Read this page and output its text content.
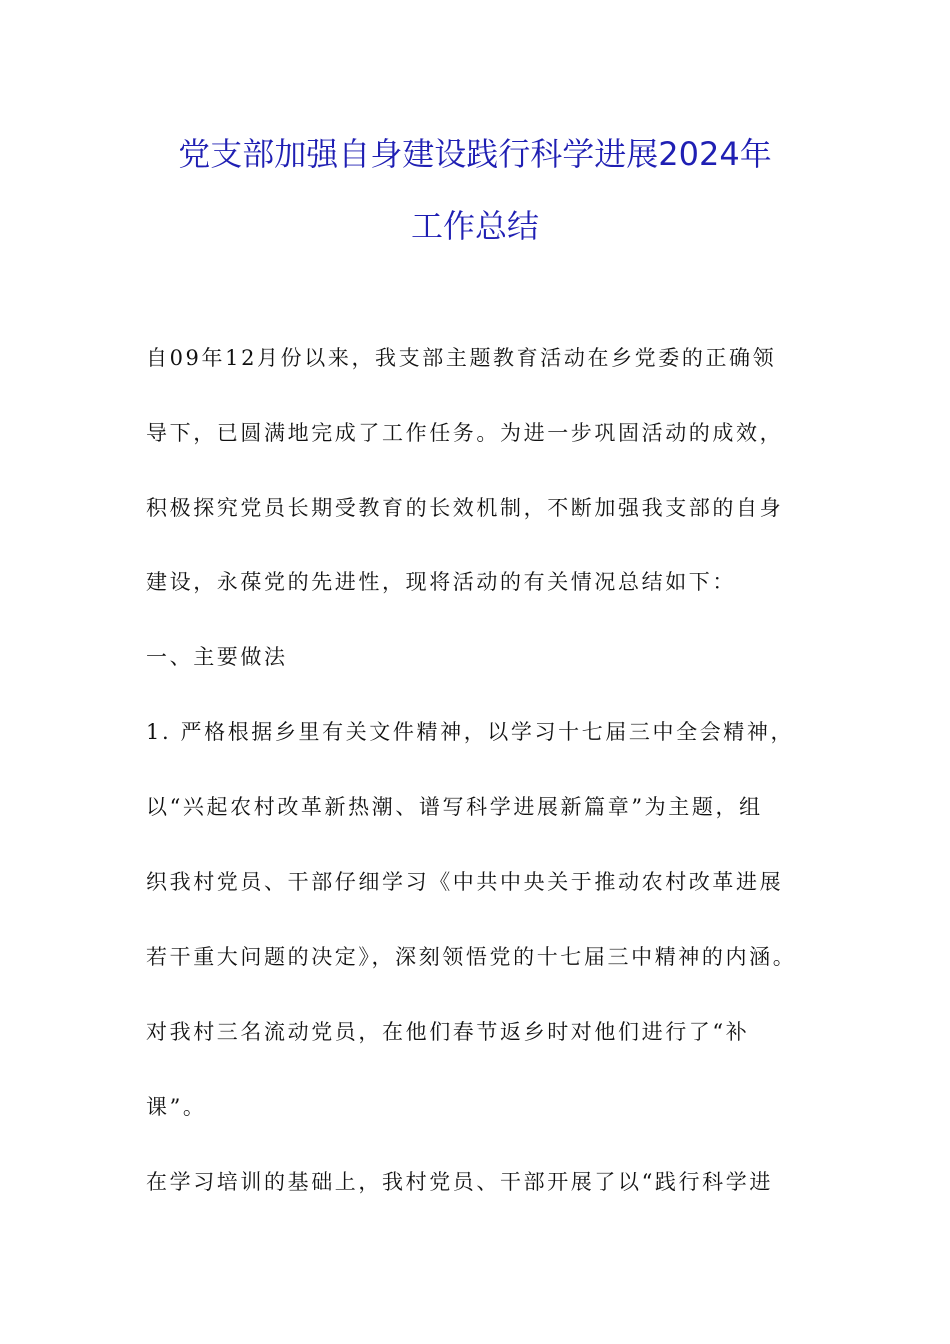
党支部加强自身建设践行科学进展2024年
工作总结
自09年12月份以来，我支部主题教育活动在乡党委的正确领
导下，已圆满地完成了工作任务。为进一步巩固活动的成效，
积极探究党员长期受教育的长效机制，不断加强我支部的自身
建设，永葆党的先进性，现将活动的有关情况总结如下：
一、主要做法
1. 严格根据乡里有关文件精神，以学习十七届三中全会精神，
以“兴起农村改革新热潮、谱写科学进展新篇章”为主题，组
织我村党员、干部仔细学习《中共中央关于推动农村改革进展
若干重大问题的决定》，深刻领悟党的十七届三中精神的内涵。
对我村三名流动党员，在他们春节返乡时对他们进行了“补
课”。
在学习培训的基础上，我村党员、干部开展了以“践行科学进
